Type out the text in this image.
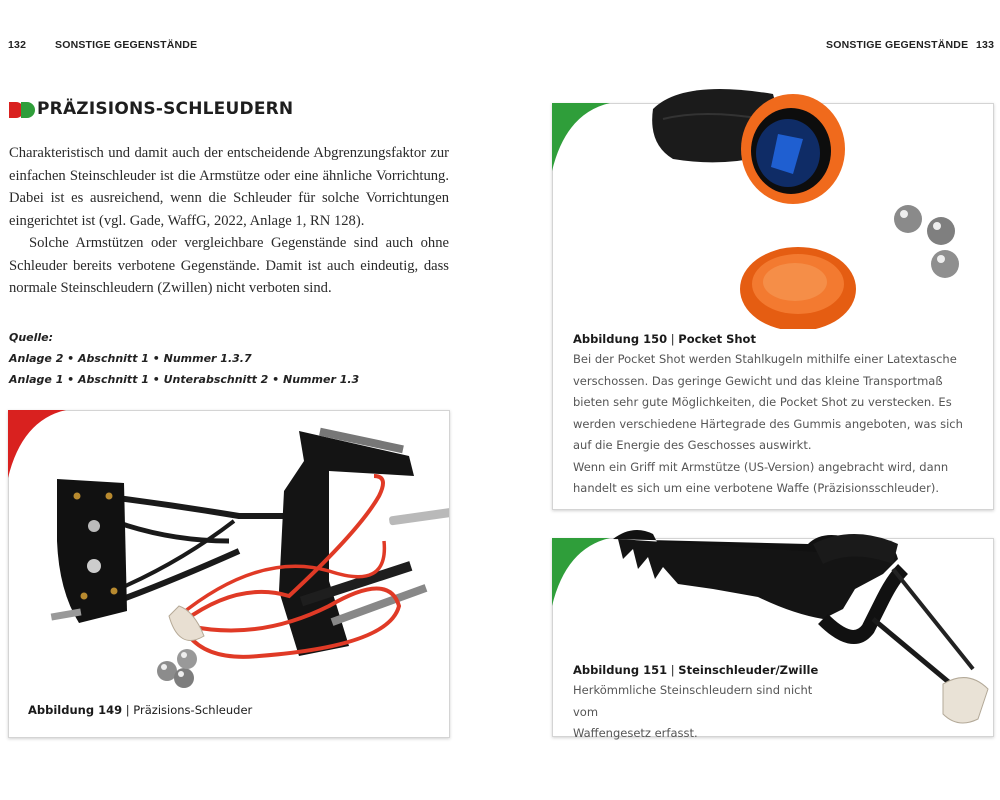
132	SONSTIGE GEGENSTÄNDE	SONSTIGE GEGENSTÄNDE 133
PRÄZISIONS-SCHLEUDERN

Charakteristisch und damit auch der entscheidende Abgrenzungsfaktor zur einfachen Steinschleuder ist die Armstütze oder eine ähnliche Vorrichtung. Dabei ist es ausreichend, wenn die Schleuder für solche Vorrichtungen eingerichtet ist (vgl. Gade, WaffG, 2022, Anlage 1, RN 128).

Solche Armstützen oder vergleichbare Gegenstände sind auch ohne Schleuder bereits verbotene Gegenstände. Damit ist auch eindeutig, dass normale Steinschleudern (Zwillen) nicht verboten sind.

Quelle:
Anlage 2 • Abschnitt 1 • Nummer 1.3.7
Anlage 1 • Abschnitt 1 • Unterabschnitt 2 • Nummer 1.3
Abbildung 149 | Präzisions-Schleuder
Abbildung 150 | Pocket Shot
Bei der Pocket Shot werden Stahlkugeln mithilfe einer Latextasche
verschossen. Das geringe Gewicht und das kleine Transportmaß
bieten sehr gute Möglichkeiten, die Pocket Shot zu verstecken. Es
werden verschiedene Härtegrade des Gummis angeboten, was sich
auf die Energie des Geschosses auswirkt.
Wenn ein Griff mit Armstütze (US-Version) angebracht wird, dann
handelt es sich um eine verbotene Waffe (Präzisionsschleuder).
Abbildung 151 | Steinschleuder/Zwille
Herkömmliche Steinschleudern sind nicht vom
Waffengesetz erfasst.
